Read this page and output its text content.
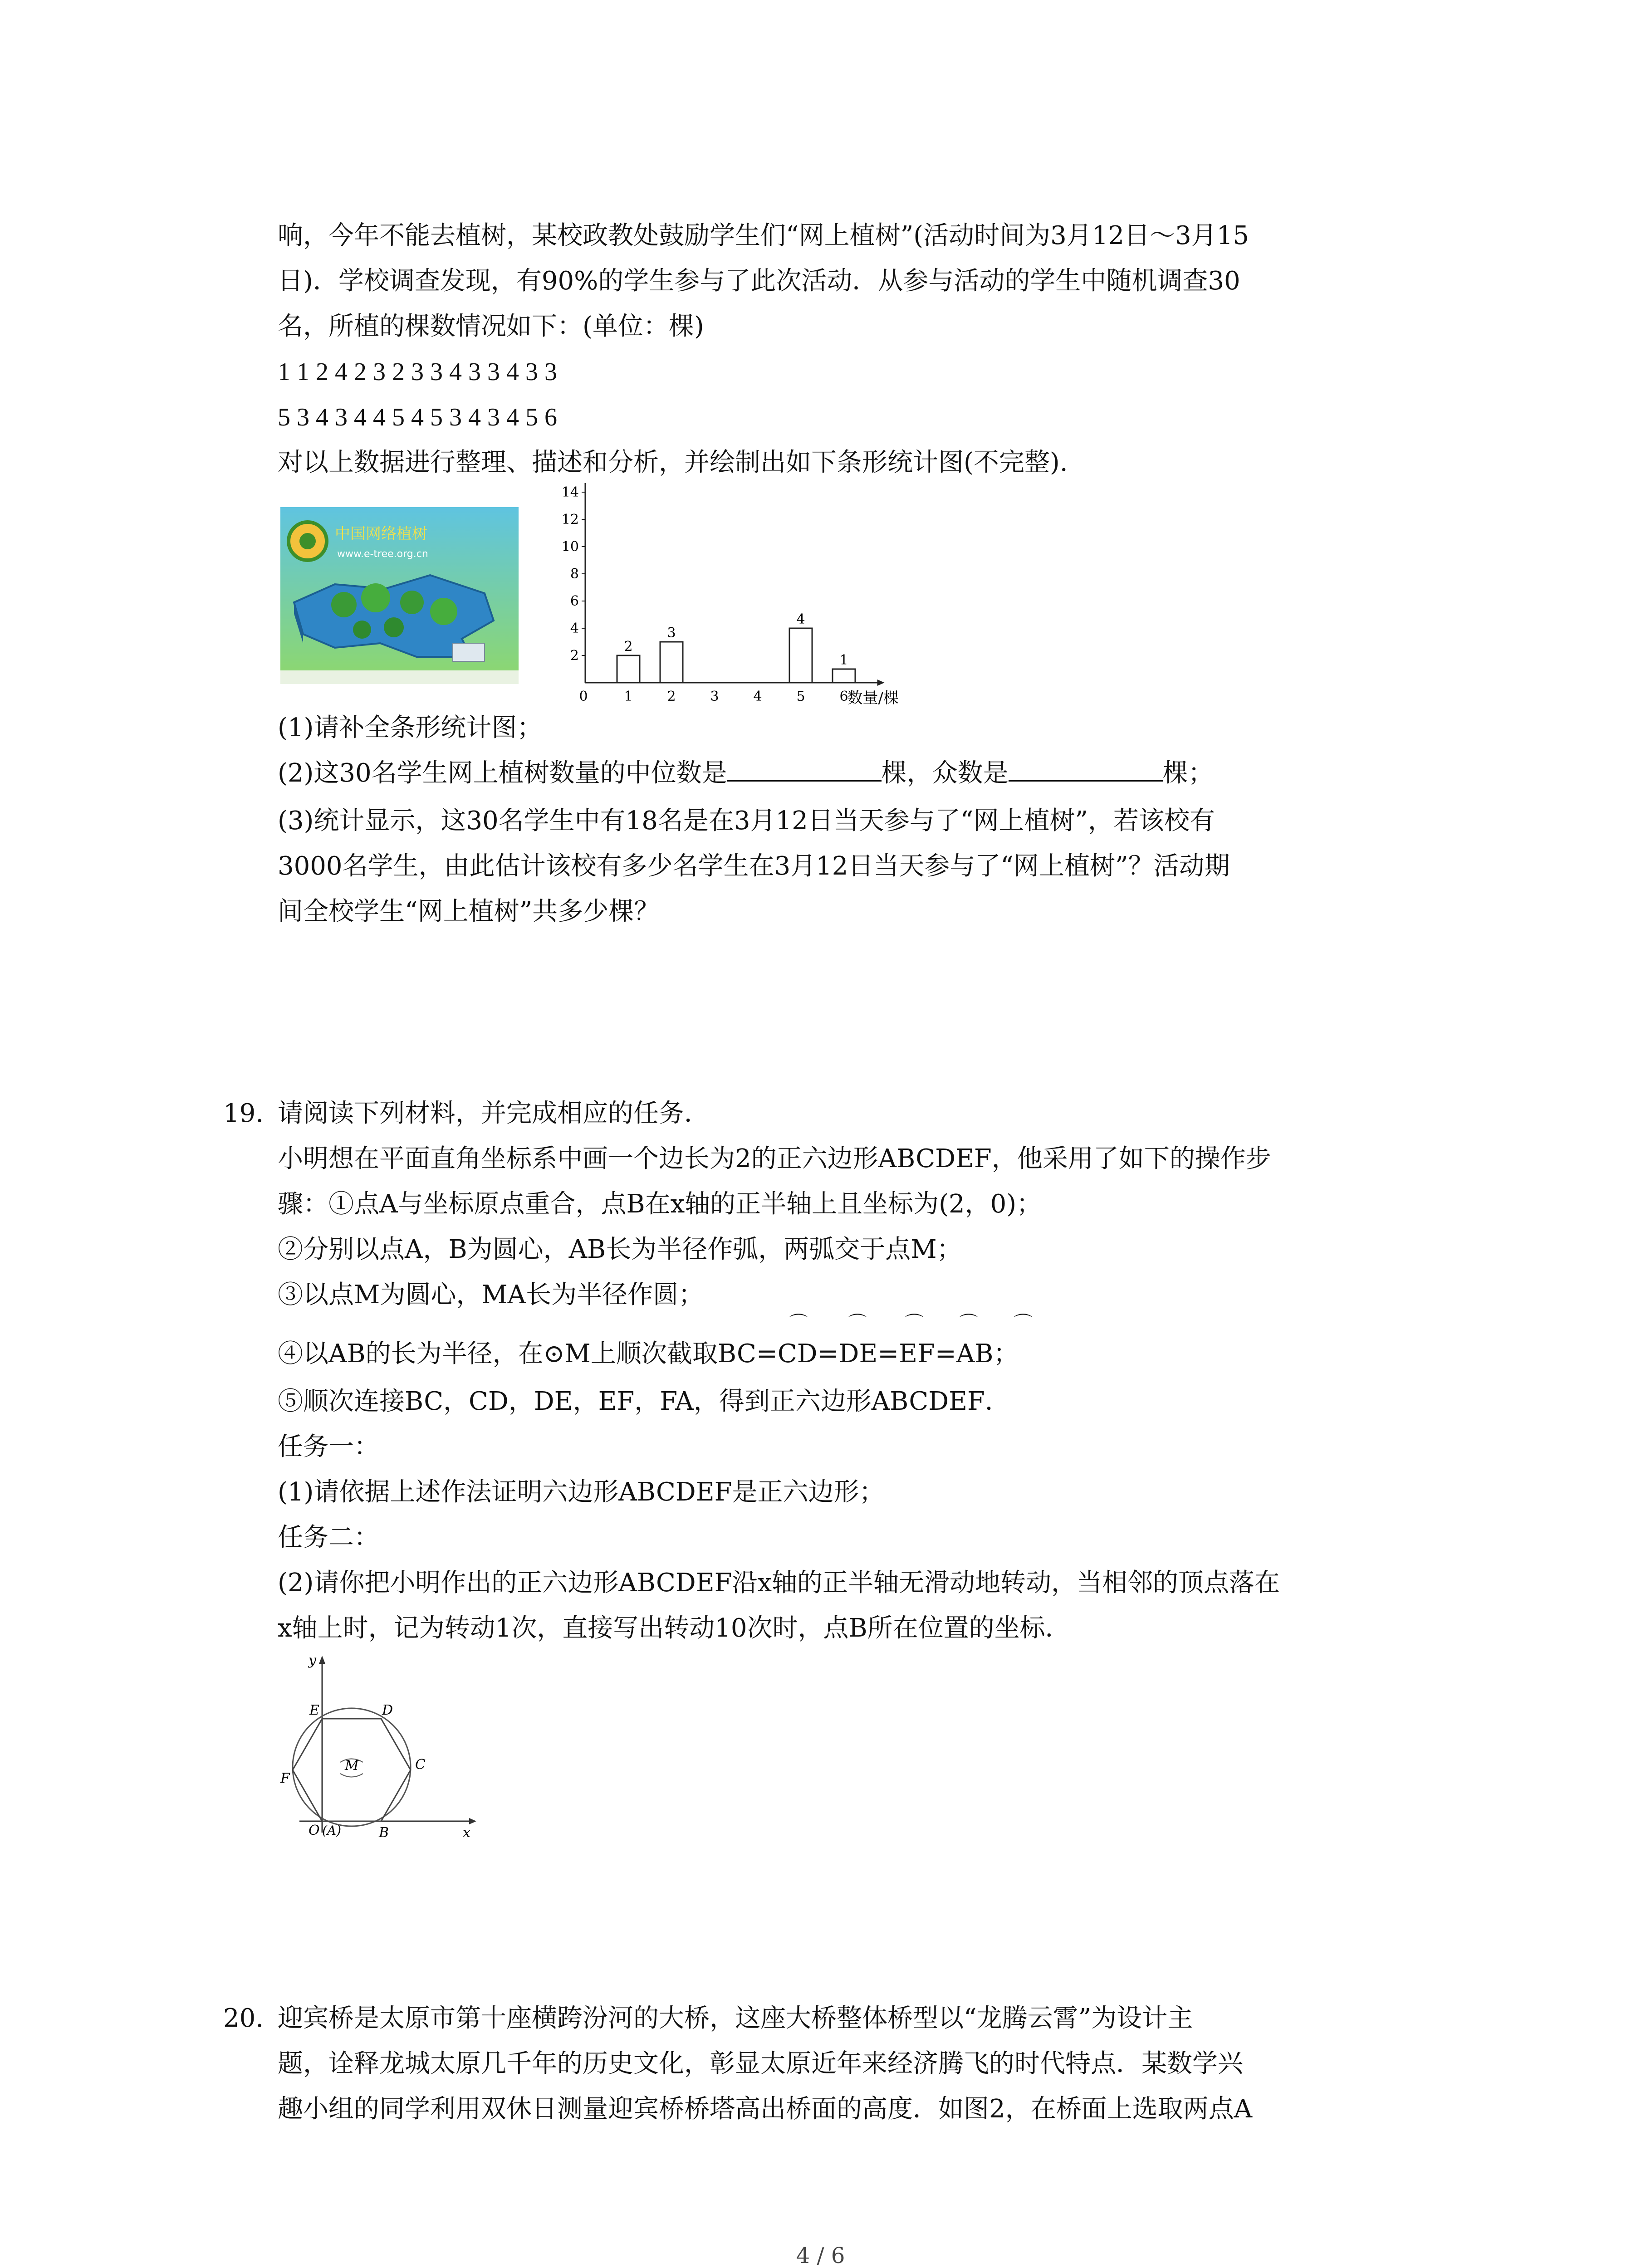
响，今年不能去植树，某校政教处鼓励学生们“网上植树”(活动时间为3月12日～3月15
日)．学校调查发现，有90%的学生参与了此次活动．从参与活动的学生中随机调查30
名，所植的棵数情况如下：(单位：棵)
1 1 2 4 2 3 2 3 3 4 3 3 4 3 3
5 3 4 3 4 4 5 4 5 3 4 3 4 5 6
对以上数据进行整理、描述和分析，并绘制出如下条形统计图(不完整).
中国网络植树
www.e-tree.org.cn
2
4
6
8
10
12
14
0	1	2	3	4	5	6
2
3
4
1
数量/棵
(1)请补全条形统计图；
(2)这30名学生网上植树数量的中位数是	棵，众数是	棵；
(3)统计显示，这30名学生中有18名是在3月12日当天参与了“网上植树”，若该校有
3000名学生，由此估计该校有多少名学生在3月12日当天参与了“网上植树”？活动期
间全校学生“网上植树”共多少棵？
19. 请阅读下列材料，并完成相应的任务．
小明想在平面直角坐标系中画一个边长为2的正六边形ABCDEF，他采用了如下的操作步
骤：①点A与坐标原点重合，点B在x轴的正半轴上且坐标为(2，0)；
②分别以点A，B为圆心，AB长为半径作弧，两弧交于点M；
③以点M为圆心，MA长为半径作圆；
⌒ ⌒ ⌒ ⌒ ⌒
④以AB的长为半径，在⊙M上顺次截取BC=CD=DE=EF=AB；
⑤顺次连接BC，CD，DE，EF，FA，得到正六边形ABCDEF．
任务一：
(1)请依据上述作法证明六边形ABCDEF是正六边形；
任务二：
(2)请你把小明作出的正六边形ABCDEF沿x轴的正半轴无滑动地转动，当相邻的顶点落在
x轴上时，记为转动1次，直接写出转动10次时，点B所在位置的坐标．
y
x
O (A)	B
C
D
E
F
M
20. 迎宾桥是太原市第十座横跨汾河的大桥，这座大桥整体桥型以“龙腾云霄”为设计主
题，诠释龙城太原几千年的历史文化，彰显太原近年来经济腾飞的时代特点．某数学兴
趣小组的同学利用双休日测量迎宾桥桥塔高出桥面的高度．如图2，在桥面上选取两点A
4 / 6
